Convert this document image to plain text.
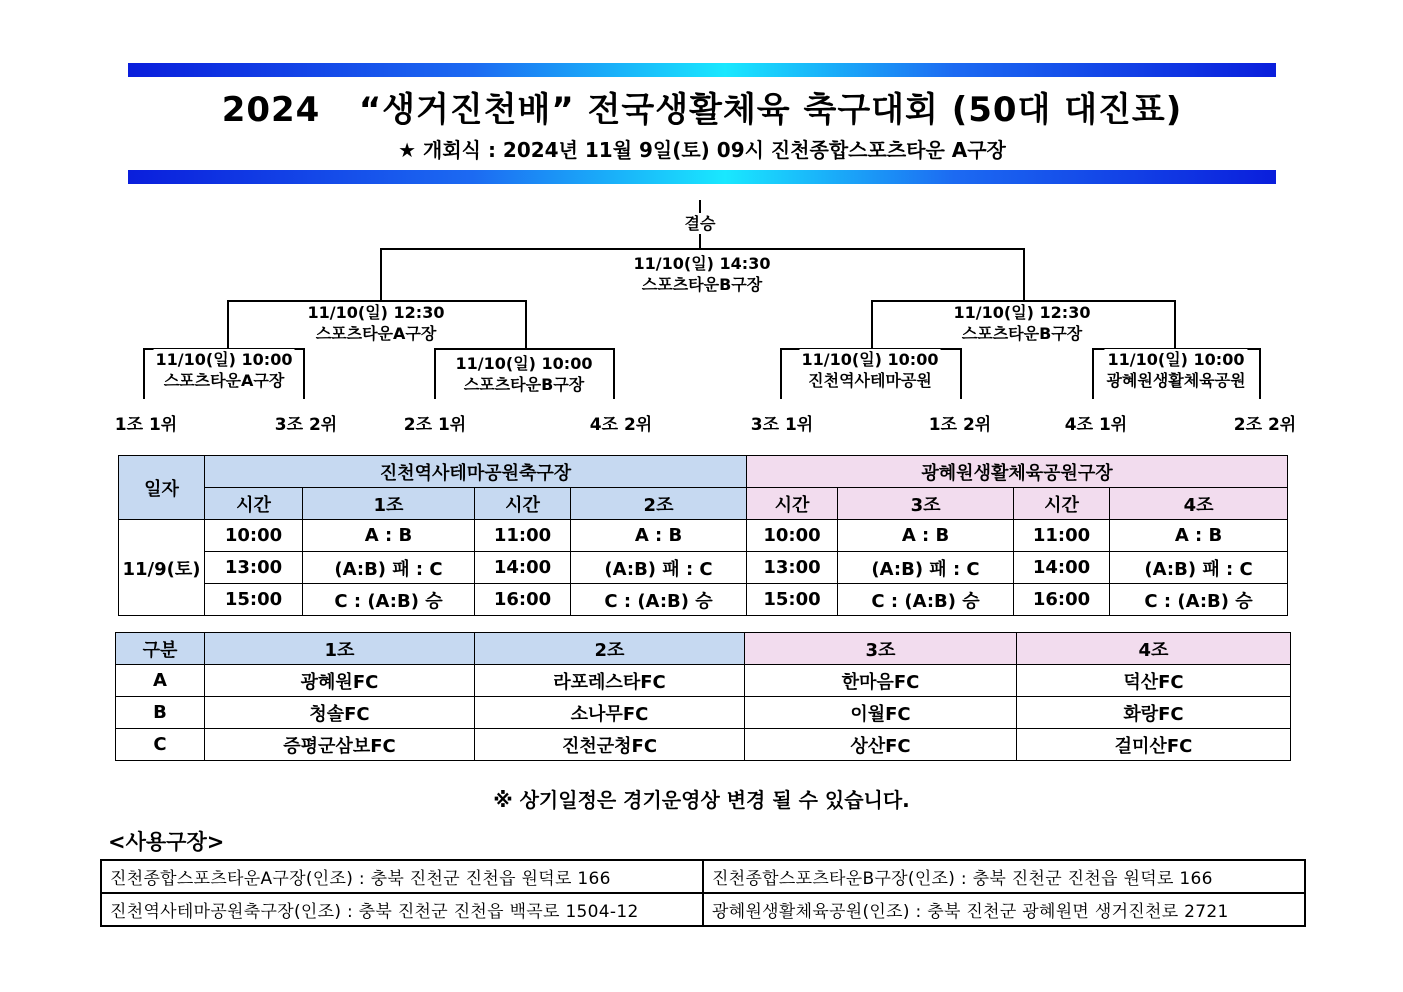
2024   “생거진천배” 전국생활체육 축구대회 (50대 대진표)
★ 개회식 : 2024년 11월 9일(토) 09시 진천종합스포츠타운 A구장
결승
11/10(일) 14:30
스포츠타운B구장
11/10(일) 12:30
스포츠타운A구장
11/10(일) 12:30
스포츠타운B구장
11/10(일) 10:00
스포츠타운A구장
11/10(일) 10:00
스포츠타운B구장
11/10(일) 10:00
진천역사테마공원
11/10(일) 10:00
광혜원생활체육공원
1조 1위	3조 2위	2조 1위	4조 2위	3조 1위	1조 2위	4조 1위	2조 2위
일자	진천역사테마공원축구장				광혜원생활체육공원구장			
	시간	1조	시간	2조	시간	3조	시간	4조
11/9(토)	10:00	A : B	11:00	A : B	10:00	A : B	11:00	A : B
	13:00	(A:B) 패 : C	14:00	(A:B) 패 : C	13:00	(A:B) 패 : C	14:00	(A:B) 패 : C
	15:00	C : (A:B) 승	16:00	C : (A:B) 승	15:00	C : (A:B) 승	16:00	C : (A:B) 승
구분	1조	2조	3조	4조
A	광혜원FC	라포레스타FC	한마음FC	덕산FC
B	청솔FC	소나무FC	이월FC	화랑FC
C	증평군삼보FC	진천군청FC	상산FC	걸미산FC
※ 상기일정은 경기운영상 변경 될 수 있습니다.
<사용구장>
진천종합스포츠타운A구장(인조) : 충북 진천군 진천읍 원덕로 166	진천종합스포츠타운B구장(인조) : 충북 진천군 진천읍 원덕로 166
진천역사테마공원축구장(인조) : 충북 진천군 진천읍 백곡로 1504-12	광혜원생활체육공원(인조) : 충북 진천군 광혜원면 생거진천로 2721
